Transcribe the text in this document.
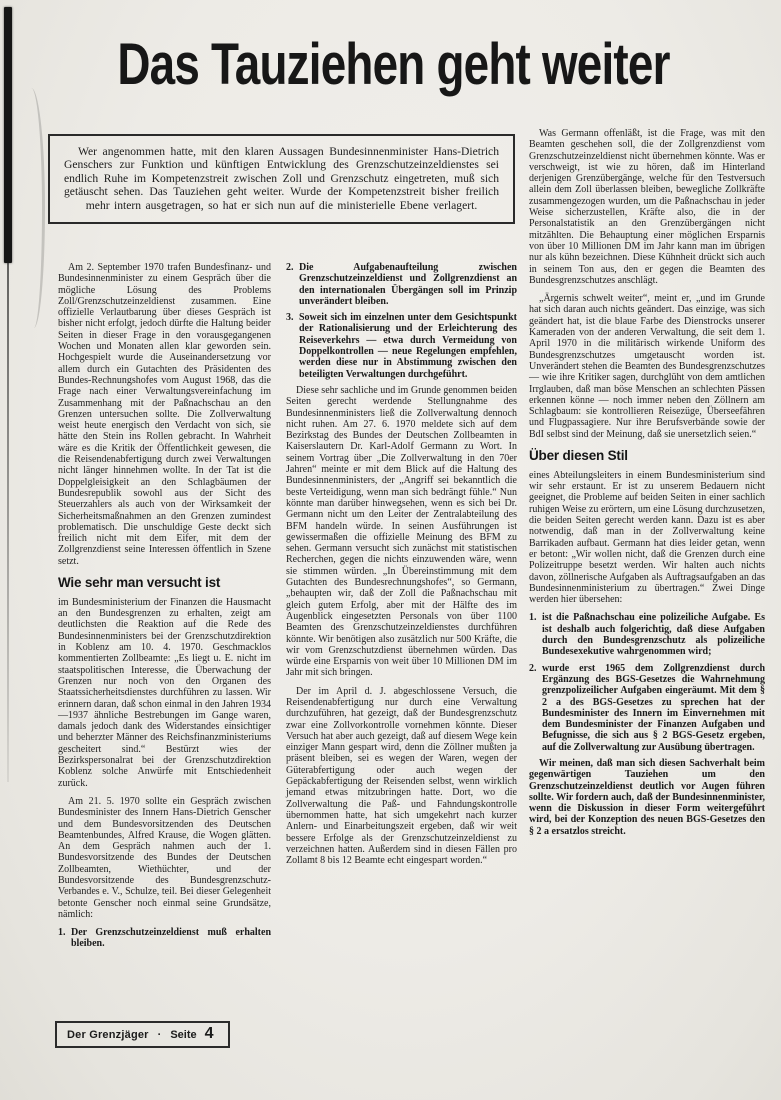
Das Tauziehen geht weiter

Wer angenommen hatte, mit den klaren Aussagen Bundesinnenminister Hans-Dietrich Genschers zur Funktion und künftigen Entwicklung des Grenzschutzeinzeldienstes sei endlich Ruhe im Kompetenzstreit zwischen Zoll und Grenzschutz eingetreten, muß sich getäuscht sehen. Das Tauziehen geht weiter. Wurde der Kompetenzstreit bisher freilich mehr intern ausgetragen, so hat er sich nun auf die ministerielle Ebene verlagert.

Am 2. September 1970 trafen Bundesfinanz- und Bundesinnenminister zu einem Gespräch über die mögliche Lösung des Problems Zoll/Grenzschutzeinzeldienst zusammen. Eine offizielle Verlautbarung über dieses Gespräch ist bisher nicht erfolgt, jedoch dürfte die Haltung beider Seiten in dieser Frage in den vorausgegangenen Wochen und Monaten allen klar geworden sein. Hochgespielt wurde die Auseinandersetzung vor allem durch ein Gutachten des Präsidenten des Bundes-Rechnungshofes vom August 1968, das die Frage nach einer Verwaltungsvereinfachung im Zusammenhang mit der Paßnachschau an den Grenzen untersuchen sollte. Die Zollverwaltung weist heute energisch den Verdacht von sich, sie hätte den Stein ins Rollen gebracht. In Wahrheit wäre es die Kritik der Öffentlichkeit gewesen, die die Reisendenabfertigung durch zwei Verwaltungen nicht länger hinnehmen wollte. In der Tat ist die Doppelgleisigkeit an den Schlagbäumen der Bundesrepublik sowohl aus der Sicht des Steuerzahlers als auch von der Wirksamkeit der Sicherheitsmaßnahmen an den Grenzen zumindest problematisch. Die unschuldige Geste deckt sich freilich nicht mit dem Eifer, mit dem der Zollgrenzdienst seine Interessen öffentlich in Szene setzt.

Wie sehr man versucht ist

im Bundesministerium der Finanzen die Hausmacht an den Bundesgrenzen zu erhalten, zeigt am deutlichsten die Reaktion auf die Rede des Bundesinnenministers bei der Grenzschutzdirektion in Koblenz am 10. 4. 1970. Geschmacklos kommentierten Zollbeamte: „Es liegt u. E. nicht im staatspolitischen Interesse, die Überwachung der Grenzen nur noch von den Organen des Staatssicherheitsdienstes durchführen zu lassen. Wir erinnern daran, daß schon einmal in den Jahren 1934—1937 ähnliche Bestrebungen im Gange waren, damals jedoch dank des Widerstandes einsichtiger und beherzter Männer des Reichsfinanzministeriums gescheitert sind.“ Bestürzt wies der Bezirkspersonalrat bei der Grenzschutzdirektion Koblenz solche Anwürfe mit Entschiedenheit zurück.

Am 21. 5. 1970 sollte ein Gespräch zwischen Bundesminister des Innern Hans-Dietrich Genscher und dem Bundesvorsitzenden des Deutschen Beamtenbundes, Alfred Krause, die Wogen glätten. An dem Gespräch nahmen auch der 1. Bundesvorsitzende des Bundes der Deutschen Zollbeamten, Wiethüchter, und der Bundesvorsitzende des Bundesgrenzschutz-Verbandes e. V., Schulze, teil. Bei dieser Gelegenheit betonte Genscher noch einmal seine Grundsätze, nämlich:

1. Der Grenzschutzeinzeldienst muß erhalten bleiben.
2. Die Aufgabenaufteilung zwischen Grenzschutzeinzeldienst und Zollgrenzdienst an den internationalen Übergängen soll im Prinzip unverändert bleiben.
3. Soweit sich im einzelnen unter dem Gesichtspunkt der Rationalisierung und der Erleichterung des Reiseverkehrs — etwa durch Vermeidung von Doppelkontrollen — neue Regelungen empfehlen, werden diese nur in Abstimmung zwischen den beteiligten Verwaltungen durchgeführt.

Diese sehr sachliche und im Grunde genommen beiden Seiten gerecht werdende Stellungnahme des Bundesinnenministers ließ die Zollverwaltung dennoch nicht ruhen. Am 27. 6. 1970 meldete sich auf dem Bezirkstag des Bundes der Deutschen Zollbeamten in Kaiserslautern Dr. Karl-Adolf Germann zu Wort. In seinem Vortrag über „Die Zollverwaltung in den 70er Jahren“ meinte er mit dem Blick auf die Haltung des Bundesinnenministers, der „Angriff sei bekanntlich die beste Verteidigung, wenn man sich bedrängt fühle.“ Nun könnte man darüber hinwegsehen, wenn es sich bei Dr. Germann nicht um den Leiter der Zentralabteilung des BFM handeln würde. In seinen Ausführungen ist gewissermaßen die offizielle Meinung des BFM zu sehen. Germann versucht sich zunächst mit statistischen Recherchen, gegen die nichts einzuwenden wäre, wenn sie stimmen würden. „In Übereinstimmung mit dem Gutachten des Bundesrechnungshofes“, so Germann, „behaupten wir, daß der Zoll die Paßnachschau mit gleich gutem Erfolg, aber mit der Hälfte des im Augenblick eingesetzten Personals von über 1100 Beamten des Grenzschutzeinzeldienstes durchführen könnte. Wir benötigen also zusätzlich nur 500 Kräfte, die wir vom Grenzschutzdienst übernehmen würden. Das würde eine Ersparnis von weit über 10 Millionen DM im Jahr mit sich bringen.

Der im April d. J. abgeschlossene Versuch, die Reisendenabfertigung nur durch eine Verwaltung durchzuführen, hat gezeigt, daß der Bundesgrenzschutz zwar eine Zollvorkontrolle vornehmen könnte. Dieser Versuch hat aber auch gezeigt, daß auf diesem Wege kein einziger Mann gespart wird, denn die Zöllner mußten ja präsent bleiben, sei es wegen der Waren, wegen der Güterabfertigung oder auch wegen der Gepäckabfertigung der Reisenden selbst, wenn wirklich jemand etwas mitzubringen hatte. Dort, wo die Zollverwaltung die Paß- und Fahndungskontrolle übernommen hatte, hat sich umgekehrt nach kurzer Anlern- und Einarbeitungszeit ergeben, daß wir weit bessere Erfolge als der Grenzschutzeinzeldienst zu verzeichnen hatten. Außerdem sind in diesen Fällen pro Zollamt 8 bis 12 Beamte echt eingespart worden.“

Was Germann offenläßt, ist die Frage, was mit den Beamten geschehen soll, die der Zollgrenzdienst vom Grenzschutzeinzeldienst nicht übernehmen könnte. Was er verschweigt, ist wie zu hören, daß im Hinterland derjenigen Grenzübergänge, welche für den Testversuch allein dem Zoll überlassen bleiben, bewegliche Zollkräfte zusammengezogen wurden, um die Paßnachschau in jeder Weise sicherzustellen, Kräfte also, die in der Personalstatistik an den Grenzübergängen nicht mitzählten. Die Behauptung einer möglichen Ersparnis von über 10 Millionen DM im Jahr kann man im übrigen nur als kühn bezeichnen. Diese Kühnheit drückt sich auch in seinem Ton aus, den er gegen die Beamten des Bundesgrenzschutzes anschlägt.

„Ärgernis schwelt weiter“, meint er, „und im Grunde hat sich daran auch nichts geändert. Das einzige, was sich geändert hat, ist die blaue Farbe des Dienstrocks unserer Kameraden von der anderen Verwaltung, die seit dem 1. April 1970 in die militärisch wirkende Uniform des Bundesgrenzschutzes umgetauscht worden ist. Unverändert stehen die Beamten des Bundesgrenzschutzes — wie ihre Kritiker sagen, durchglüht von dem amtlichen Irrglauben, daß man böse Menschen an schlechten Pässen erkennen könne — noch immer neben den Zöllnern am Schlagbaum: sie kontrollieren Reisezüge, Überseefähren und Flugpassagiere. Nur ihre Berufsverbände sowie der BdI selbst sind der Meinung, daß sie unersetzlich seien.“

Über diesen Stil

eines Abteilungsleiters in einem Bundesministerium sind wir sehr erstaunt. Er ist zu unserem Bedauern nicht geeignet, die Probleme auf beiden Seiten in einer sachlich ruhigen Weise zu erörtern, um eine Lösung durchzusetzen, die beiden Seiten gerecht werden kann. Dazu ist es aber notwendig, daß man in der Zollverwaltung keine Barrikaden aufbaut. Germann hat dies leider getan, wenn er betont: „Wir wollen nicht, daß die Grenzen durch eine Polizeitruppe besetzt werden. Wir halten auch nichts davon, zöllnerische Aufgaben als Auftragsaufgaben an das Bundesinnenministerium zu übertragen.“ Zwei Dinge werden hier übersehen:

1. ist die Paßnachschau eine polizeiliche Aufgabe. Es ist deshalb auch folgerichtig, daß diese Aufgaben durch den Bundesgrenzschutz als polizeiliche Bundesexekutive wahrgenommen wird;
2. wurde erst 1965 dem Zollgrenzdienst durch Ergänzung des BGS-Gesetzes die Wahrnehmung grenzpolizeilicher Aufgaben eingeräumt. Mit dem § 2 a des BGS-Gesetzes zu sprechen hat der Bundesminister des Innern im Einvernehmen mit dem Bundesminister der Finanzen Aufgaben und Befugnisse, die sich aus § 2 BGS-Gesetz ergeben, auf die Zollverwaltung zur Ausübung übertragen.

Wir meinen, daß man sich diesen Sachverhalt beim gegenwärtigen Tauziehen um den Grenzschutzeinzeldienst deutlich vor Augen führen sollte. Wir fordern auch, daß der Bundesinnenminister, wenn die Diskussion in dieser Form weitergeführt wird, bei der Konzeption des neuen BGS-Gesetzes den § 2 a ersatzlos streicht.

Der Grenzjäger · Seite 4
